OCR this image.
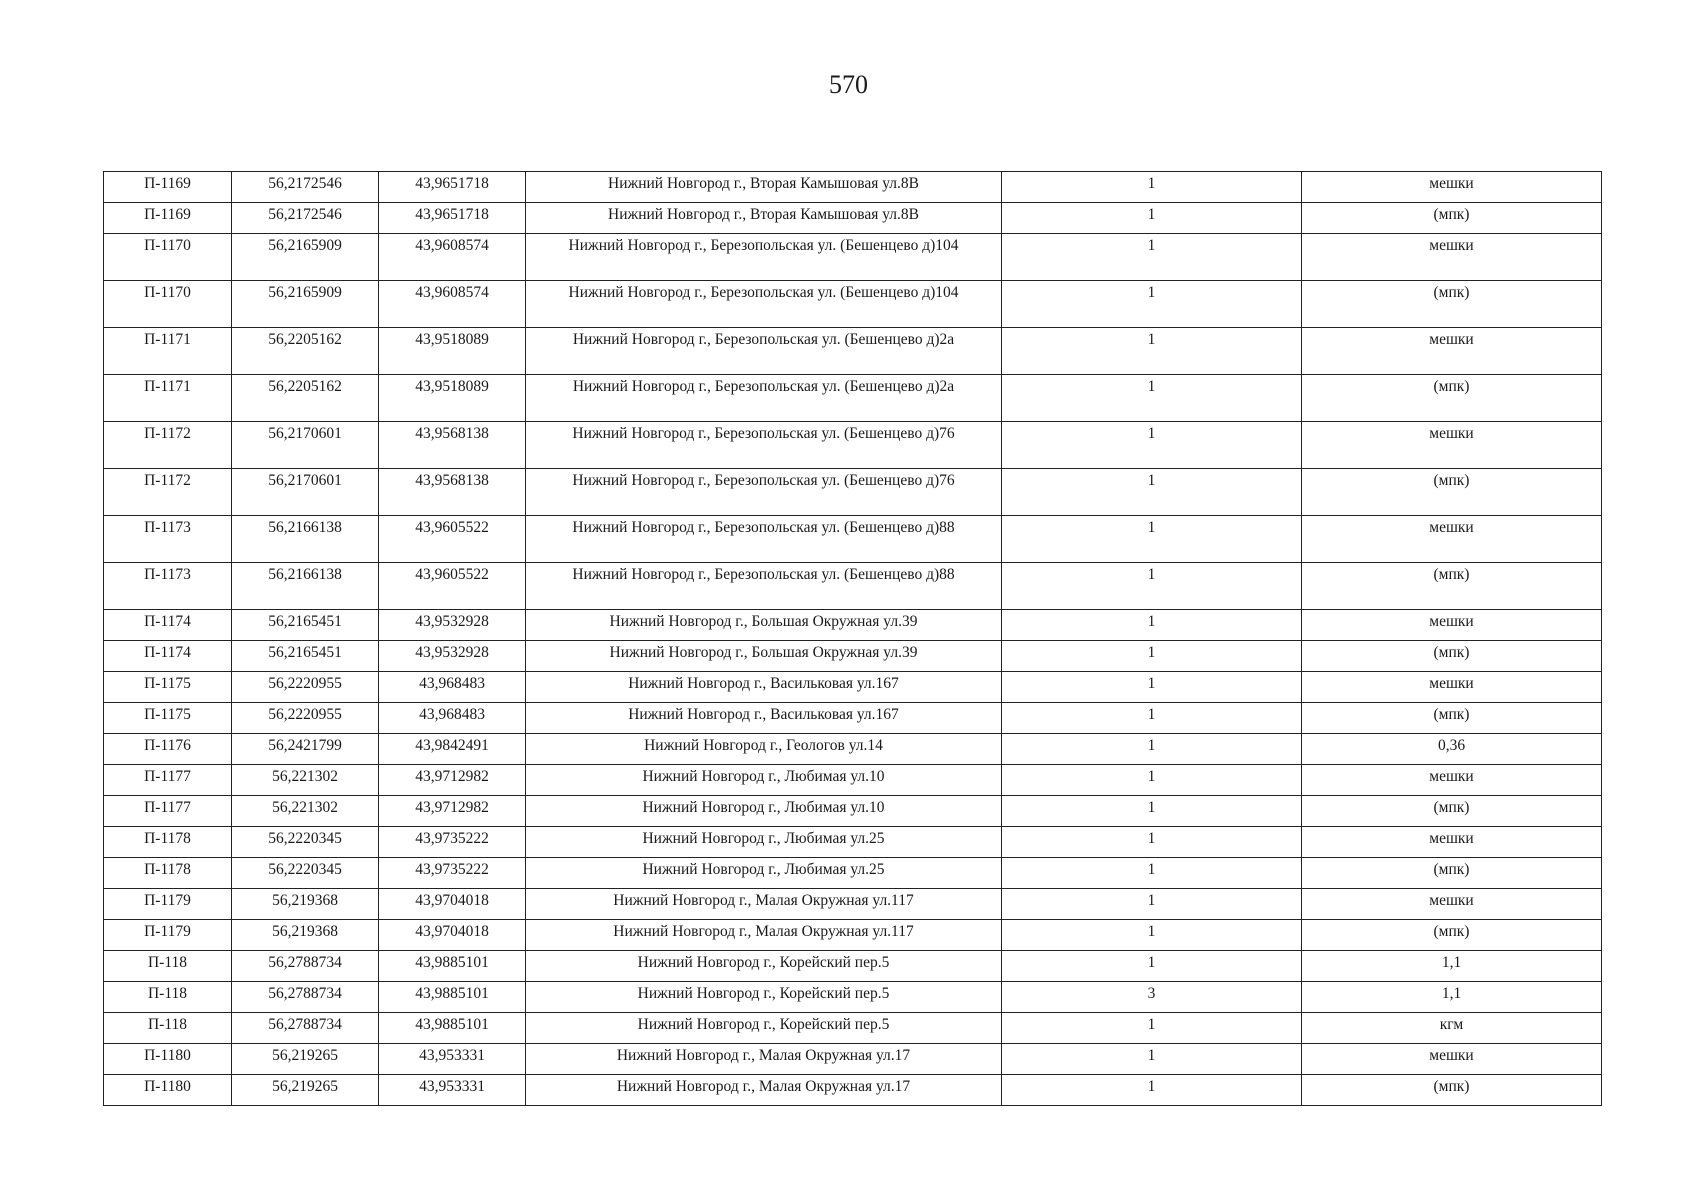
570
П-1169	56,2172546	43,9651718	Нижний Новгород г., Вторая Камышовая ул.8В	1	мешки
П-1169	56,2172546	43,9651718	Нижний Новгород г., Вторая Камышовая ул.8В	1	(мпк)
П-1170	56,2165909	43,9608574	Нижний Новгород г., Березопольская ул. (Бешенцево д)104	1	мешки
П-1170	56,2165909	43,9608574	Нижний Новгород г., Березопольская ул. (Бешенцево д)104	1	(мпк)
П-1171	56,2205162	43,9518089	Нижний Новгород г., Березопольская ул. (Бешенцево д)2а	1	мешки
П-1171	56,2205162	43,9518089	Нижний Новгород г., Березопольская ул. (Бешенцево д)2а	1	(мпк)
П-1172	56,2170601	43,9568138	Нижний Новгород г., Березопольская ул. (Бешенцево д)76	1	мешки
П-1172	56,2170601	43,9568138	Нижний Новгород г., Березопольская ул. (Бешенцево д)76	1	(мпк)
П-1173	56,2166138	43,9605522	Нижний Новгород г., Березопольская ул. (Бешенцево д)88	1	мешки
П-1173	56,2166138	43,9605522	Нижний Новгород г., Березопольская ул. (Бешенцево д)88	1	(мпк)
П-1174	56,2165451	43,9532928	Нижний Новгород г., Большая Окружная ул.39	1	мешки
П-1174	56,2165451	43,9532928	Нижний Новгород г., Большая Окружная ул.39	1	(мпк)
П-1175	56,2220955	43,968483	Нижний Новгород г., Васильковая ул.167	1	мешки
П-1175	56,2220955	43,968483	Нижний Новгород г., Васильковая ул.167	1	(мпк)
П-1176	56,2421799	43,9842491	Нижний Новгород г., Геологов ул.14	1	0,36
П-1177	56,221302	43,9712982	Нижний Новгород г., Любимая ул.10	1	мешки
П-1177	56,221302	43,9712982	Нижний Новгород г., Любимая ул.10	1	(мпк)
П-1178	56,2220345	43,9735222	Нижний Новгород г., Любимая ул.25	1	мешки
П-1178	56,2220345	43,9735222	Нижний Новгород г., Любимая ул.25	1	(мпк)
П-1179	56,219368	43,9704018	Нижний Новгород г., Малая Окружная ул.117	1	мешки
П-1179	56,219368	43,9704018	Нижний Новгород г., Малая Окружная ул.117	1	(мпк)
П-118	56,2788734	43,9885101	Нижний Новгород г., Корейский пер.5	1	1,1
П-118	56,2788734	43,9885101	Нижний Новгород г., Корейский пер.5	3	1,1
П-118	56,2788734	43,9885101	Нижний Новгород г., Корейский пер.5	1	кгм
П-1180	56,219265	43,953331	Нижний Новгород г., Малая Окружная ул.17	1	мешки
П-1180	56,219265	43,953331	Нижний Новгород г., Малая Окружная ул.17	1	(мпк)
